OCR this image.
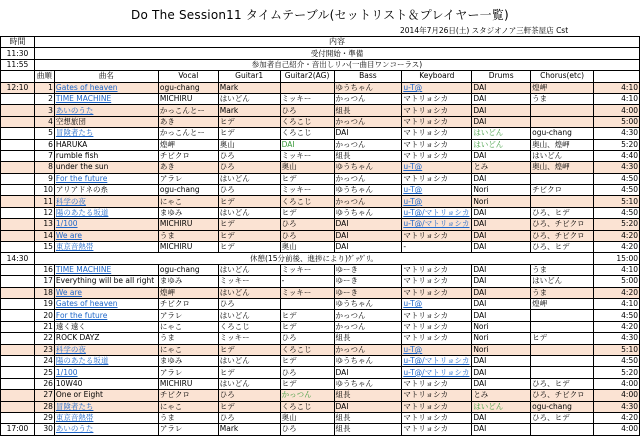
Do The Session11 タイムテーブル(セットリスト＆プレイヤー一覧)
2014年7月26日(土) スタジオノア三軒茶屋店 Cst
時間	内容									
11:30	受付開始・準備									
11:55	参加者自己紹介・音出しリハ(一曲目ワンコーラス)									
	曲順	曲名	Vocal	Guitar1	Guitar2(AG)	Bass	Keyboard	Drums	Chorus(etc)	
12:10	1	Gates of heaven	ogu-chang	Mark		ゆうちゃん	u-T@	DAI	煌岬	4:10
	2	TIME MACHINE	MICHIRU	はいどん	ミッキー	かっつん	マトリョシカ	DAI	うま	4:10
	3	あいのうた	かっこんとー	Mark	ひろ	組長	マトリョシカ	DAI		4:00
	4	空想旅団	あき	ヒデ	くろこじ	かっつん	マトリョシカ	DAI		5:00
	5	冒険者たち	かっこんとー	ヒデ	くろこじ	DAI	マトリョシカ	はいどん	ogu-chang	4:30
	6	HARUKA	煌岬	奥山	DAI	かっつん	マトリョシカ	はいどん	奥山、煌岬	5:20
	7	rumble fish	チビクロ	ひろ	ミッキー	組長	マトリョシカ	DAI	はいどん	4:40
	8	under the sun	あき	ひろ	奥山	ゆうちゃん	u-T@	とみ	奥山、煌岬	4:30
	9	For the future	アラレ	はいどん	ヒデ	かっつん	マトリョシカ	DAI		4:50
	10	アリアドネの糸	ogu-chang	ひろ	ミッキー	ゆうちゃん	u-T@	Nori	チビクロ	4:50
	11	科学の夜	にゃこ	ヒデ	くろこじ	かっつん	u-T@	Nori		5:10
	12	陽のあたる坂道	まゆみ	はいどん	ヒデ	ゆうちゃん	u-T@/マトリョシカ	DAI	ひろ、ヒデ	4:50
	13	1/100	MICHIRU	ヒデ	ひろ	DAI	u-T@/マトリョシカ	DAI	ひろ、チビクロ	5:20
	14	We are	うま	ヒデ	ひろ	DAI	マトリョシカ	DAI	ひろ、チビクロ	4:20
	15	東京音熱帯	MICHIRU	ヒデ	奥山	DAI	-	DAI	ひろ、ヒデ	4:20
14:30	休憩(15分前後、進捗により)ｸﾞｯｸﾞﾘ。									15:00
	16	TIME MACHINE	ogu-chang	はいどん	ミッキー	ゆーき	マトリョシカ	DAI	うま	4:10
	17	Everything will be all right	まゆみ	ミッキー	-	ゆーき	マトリョシカ	DAI	はいどん	5:00
	18	We are	煌岬	はいどん	ミッキー	ゆーき	マトリョシカ	DAI	うま	4:20
	19	Gates of heaven	チビクロ	ひろ		ゆうちゃん	u-T@	DAI	煌岬	4:10
	20	For the future	アラレ	はいどん	ヒデ	かっつん	マトリョシカ	DAI		4:50
	21	遠く遠く	にゃこ	くろこじ	ヒデ	かっつん	マトリョシカ	Nori		4:20
	22	ROCK DAYZ	うま	ミッキー	ひろ	組長	マトリョシカ	Nori	ヒデ	4:30
	23	科学の夜	にゃこ	ヒデ	くろこじ	かっつん	u-T@	Nori		5:10
	24	陽のあたる坂道	まゆみ	はいどん	ヒデ	ゆうちゃん	u-T@/マトリョシカ	DAI		4:50
	25	1/100	アラレ	ヒデ	ひろ	DAI	u-T@/マトリョシカ	DAI		5:20
	26	10W40	MICHIRU	はいどん	ヒデ	ゆうちゃん	マトリョシカ	DAI	ひろ、ヒデ	4:00
	27	One or Eight	チビクロ	ひろ	かっつん	組長	マトリョシカ	とみ	ひろ、チビクロ	4:00
	28	冒険者たち	にゃこ	ヒデ	くろこじ	DAI	マトリョシカ	はいどん	ogu-chang	4:30
	29	東京音熱帯	うま	ひろ	奥山	組長	マトリョシカ	DAI	ひろ、ヒデ	4:20
17:00	30	あいのうた	アラレ	Mark	ひろ	組長	マトリョシカ	DAI		4:00
